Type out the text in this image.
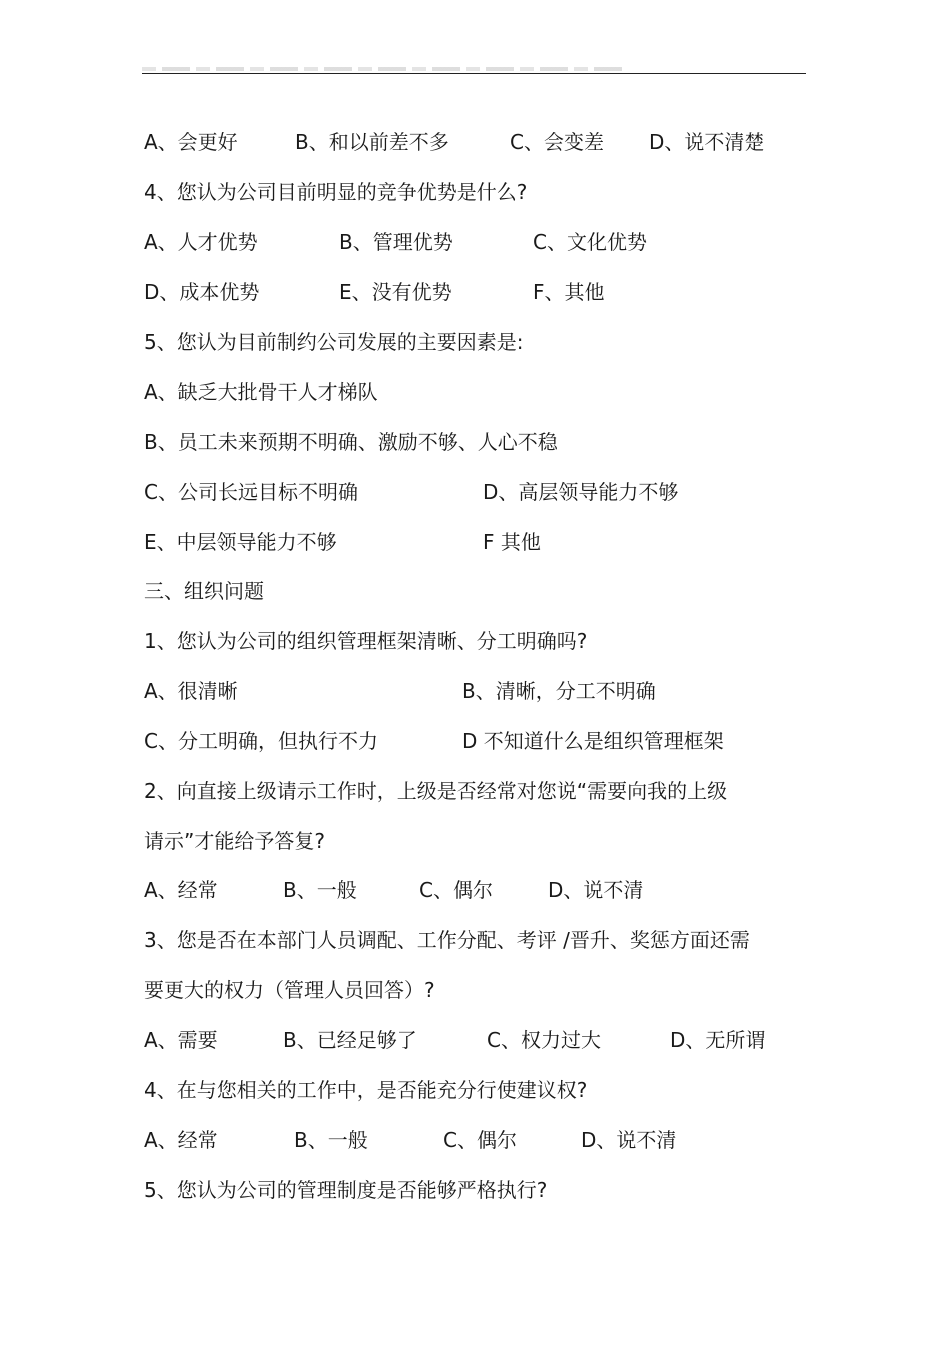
A、会更好	B、和以前差不多	C、会变差 D、说不清楚
4、您认为公司目前明显的竞争优势是什么?
A、人才优势	B、管理优势	C、文化优势
D、成本优势	E、没有优势	F、其他
5、您认为目前制约公司发展的主要因素是:
A、缺乏大批骨干人才梯队
B、员工未来预期不明确、激励不够、人心不稳
C、公司长远目标不明确	D、高层领导能力不够
E、中层领导能力不够	F 其他
三、组织问题
1、您认为公司的组织管理框架清晰、分工明确吗?
A、很清晰	B、清晰，分工不明确
C、分工明确，但执行不力	D 不知道什么是组织管理框架
2、向直接上级请示工作时，上级是否经常对您说“需要向我的上级
请示”才能给予答复?
A、经常	B、一般	C、偶尔	D、说不清
3、您是否在本部门人员调配、工作分配、考评 /晋升、奖惩方面还需
要更大的权力（管理人员回答）?
A、需要	B、已经足够了	C、权力过大	D、无所谓
4、在与您相关的工作中，是否能充分行使建议权?
A、经常	B、一般	C、偶尔	D、说不清
5、您认为公司的管理制度是否能够严格执行?
